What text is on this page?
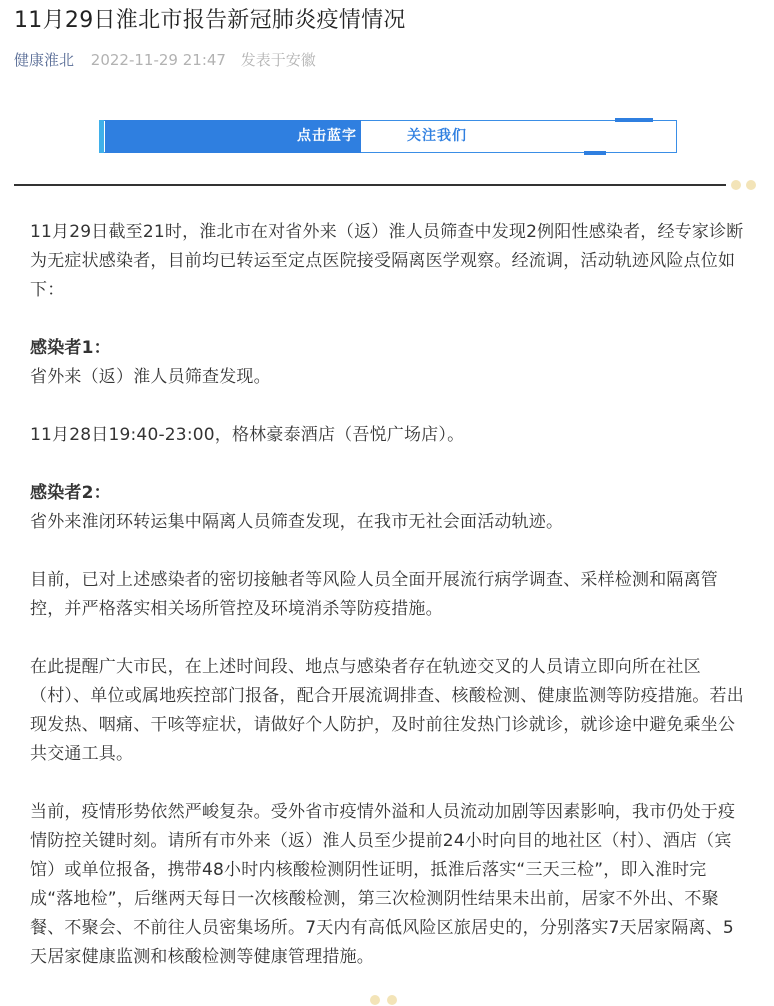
11月29日淮北市报告新冠肺炎疫情情况
健康淮北 2022-11-29 21:47 发表于安徽
点击蓝字	关注我们

11月29日截至21时，淮北市在对省外来（返）淮人员筛查中发现2例阳性感染者，经专家诊断为无症状感染者，目前均已转运至定点医院接受隔离医学观察。经流调，活动轨迹风险点位如下：

感染者1：

省外来（返）淮人员筛查发现。

11月28日19:40-23:00，格林豪泰酒店（吾悦广场店）。

感染者2：

省外来淮闭环转运集中隔离人员筛查发现，在我市无社会面活动轨迹。

目前，已对上述感染者的密切接触者等风险人员全面开展流行病学调查、采样检测和隔离管控，并严格落实相关场所管控及环境消杀等防疫措施。

在此提醒广大市民，在上述时间段、地点与感染者存在轨迹交叉的人员请立即向所在社区（村）、单位或属地疾控部门报备，配合开展流调排查、核酸检测、健康监测等防疫措施。若出现发热、咽痛、干咳等症状，请做好个人防护，及时前往发热门诊就诊，就诊途中避免乘坐公共交通工具。

当前，疫情形势依然严峻复杂。受外省市疫情外溢和人员流动加剧等因素影响，我市仍处于疫情防控关键时刻。请所有市外来（返）淮人员至少提前24小时向目的地社区（村）、酒店（宾馆）或单位报备，携带48小时内核酸检测阴性证明，抵淮后落实“三天三检”，即入淮时完成“落地检”，后继两天每日一次核酸检测，第三次检测阴性结果未出前，居家不外出、不聚餐、不聚会、不前往人员密集场所。7天内有高低风险区旅居史的，分别落实7天居家隔离、5天居家健康监测和核酸检测等健康管理措施。
